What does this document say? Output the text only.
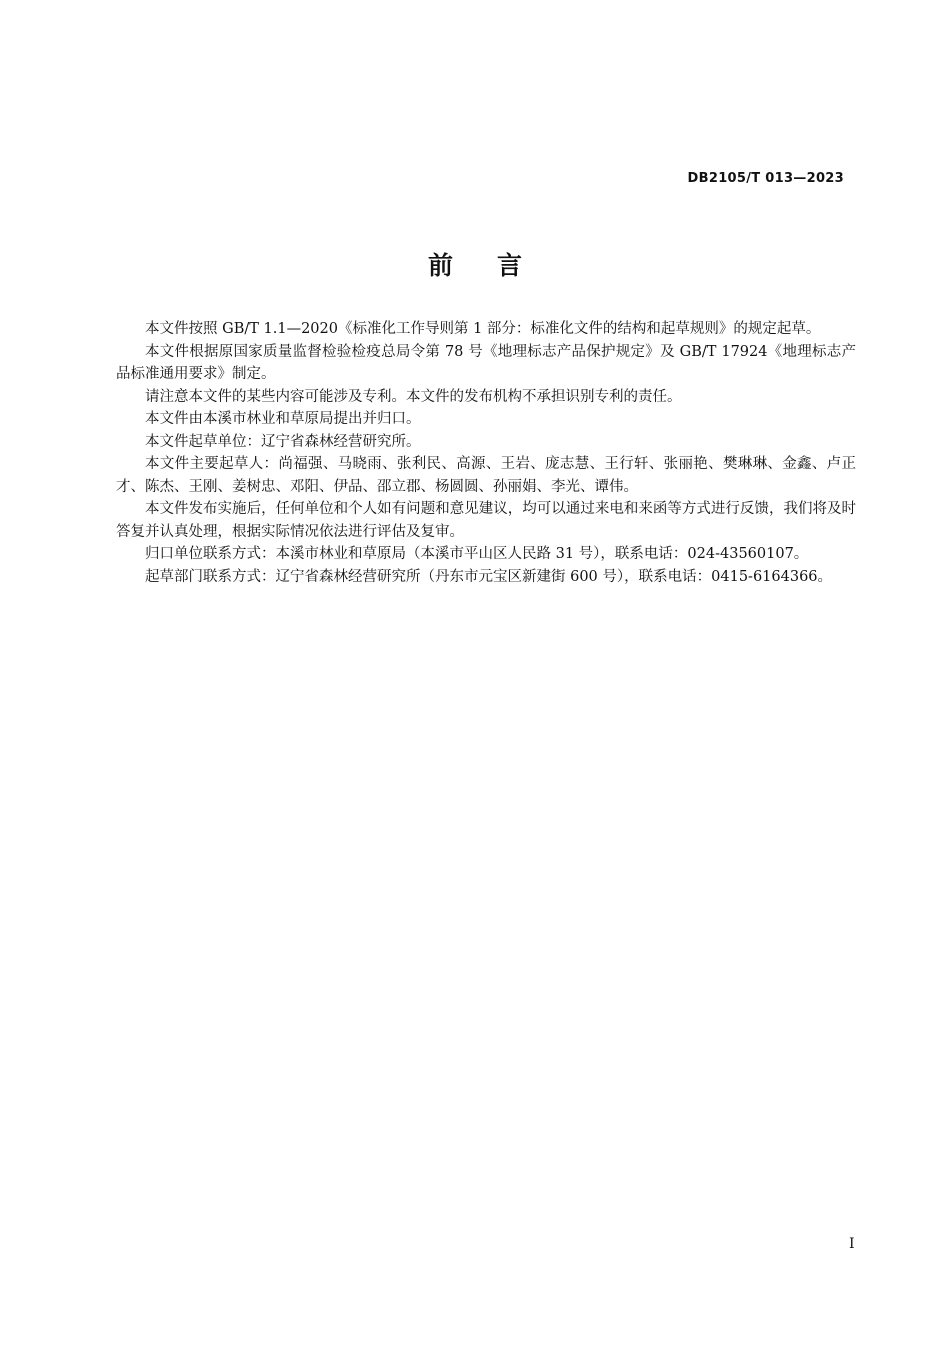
DB2105/T 013—2023
前言

本文件按照 GB/T 1.1—2020《标准化工作导则第 1 部分：标准化文件的结构和起草规则》的规定起草。

本文件根据原国家质量监督检验检疫总局令第 78 号《地理标志产品保护规定》及 GB/T 17924《地理标志产品标准通用要求》制定。

请注意本文件的某些内容可能涉及专利。本文件的发布机构不承担识别专利的责任。

本文件由本溪市林业和草原局提出并归口。

本文件起草单位：辽宁省森林经营研究所。

本文件主要起草人：尚福强、马晓雨、张利民、高源、王岩、庞志慧、王行轩、张丽艳、樊琳琳、金鑫、卢正才、陈杰、王刚、姜树忠、邓阳、伊品、邵立郡、杨圆圆、孙丽娟、李光、谭伟。

本文件发布实施后，任何单位和个人如有问题和意见建议，均可以通过来电和来函等方式进行反馈，我们将及时答复并认真处理，根据实际情况依法进行评估及复审。

归口单位联系方式：本溪市林业和草原局（本溪市平山区人民路 31 号），联系电话：024-43560107。

起草部门联系方式：辽宁省森林经营研究所（丹东市元宝区新建街 600 号），联系电话：0415-6164366。

I
